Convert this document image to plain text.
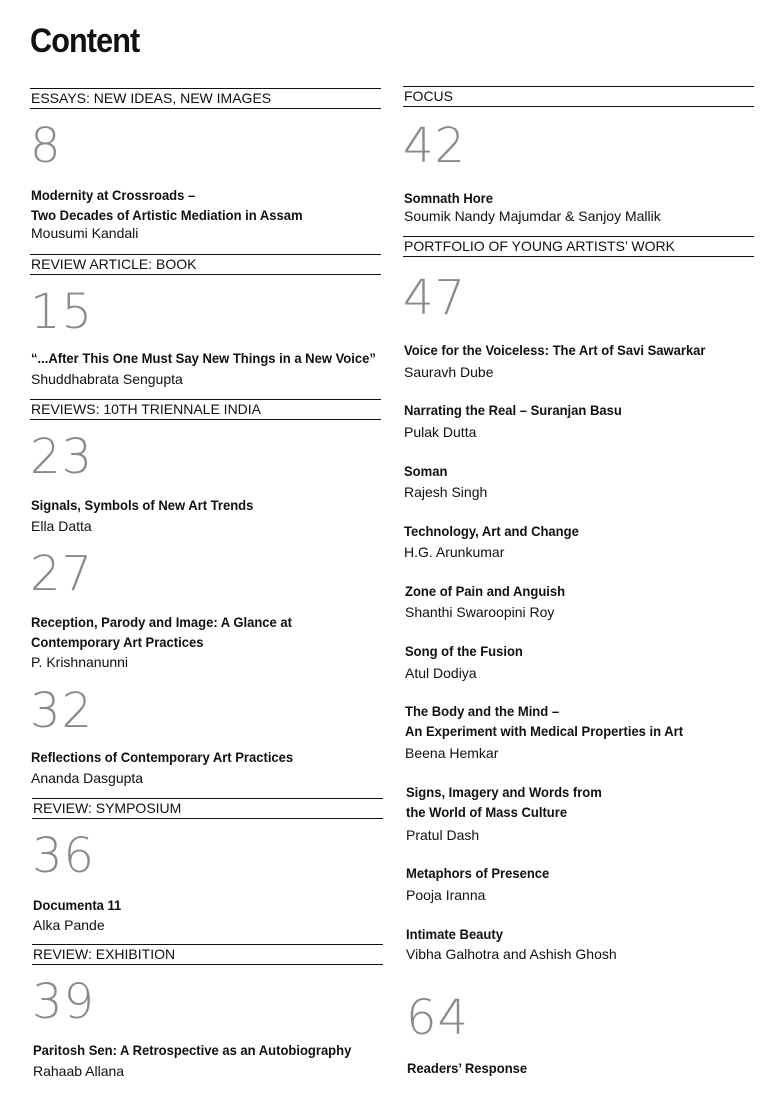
Content
ESSAYS: NEW IDEAS, NEW IMAGES
8
Modernity at Crossroads –
Two Decades of Artistic Mediation in Assam
Mousumi Kandali
REVIEW ARTICLE: BOOK
15
“...After This One Must Say New Things in a New Voice”
Shuddhabrata Sengupta
REVIEWS: 10TH TRIENNALE INDIA
23
Signals, Symbols of New Art Trends
Ella Datta
27
Reception, Parody and Image: A Glance at
Contemporary Art Practices
P. Krishnanunni
32
Reflections of Contemporary Art Practices
Ananda Dasgupta
REVIEW: SYMPOSIUM
36
Documenta 11
Alka Pande
REVIEW: EXHIBITION
39
Paritosh Sen: A Retrospective as an Autobiography
Rahaab Allana
FOCUS
42
Somnath Hore
Soumik Nandy Majumdar & Sanjoy Mallik
PORTFOLIO OF YOUNG ARTISTS’ WORK
47
Voice for the Voiceless: The Art of Savi Sawarkar
Sauravh Dube
Narrating the Real – Suranjan Basu
Pulak Dutta
Soman
Rajesh Singh
Technology, Art and Change
H.G. Arunkumar
Zone of Pain and Anguish
Shanthi Swaroopini Roy
Song of the Fusion
Atul Dodiya
The Body and the Mind –
An Experiment with Medical Properties in Art
Beena Hemkar
Signs, Imagery and Words from
the World of Mass Culture
Pratul Dash
Metaphors of Presence
Pooja Iranna
Intimate Beauty
Vibha Galhotra and Ashish Ghosh
64
Readers’ Response
